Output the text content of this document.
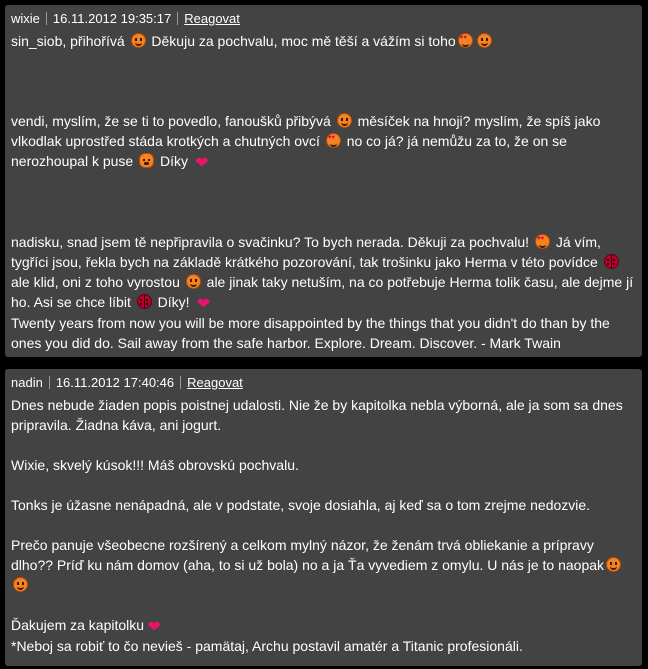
wixie 16.11.2012 19:35:17 Reagovat

sin_siob, přihořívá  Děkuju za pochvalu, moc mě těší a vážím si toho♥♥

vendi, myslím, že se ti to povedlo, fanoušků přibývá  měsíček na hnoji? myslím, že spíš jako vlkodlak uprostřed stáda krotkých a chutných ovcí ♥♥ no co já? já nemůžu za to, že on se nerozhoupal k puse  Díky ❤

nadisku, snad jsem tě nepřipravila o svačinku? To bych nerada. Děkuji za pochvalu! ♥♥ Já vím, tygříci jsou, řekla bych na základě krátkého pozorování, tak trošinku jako Herma v této povídce  ale klid, oni z toho vyrostou  ale jinak taky netuším, na co potřebuje Herma tolik času, ale dejme jí ho. Asi se chce líbit  Díky! ❤

Twenty years from now you will be more disappointed by the things that you didn't do than by the ones you did do. Sail away from the safe harbor. Explore. Dream. Discover. - Mark Twain

nadin 16.11.2012 17:40:46 Reagovat

Dnes nebude žiaden popis poistnej udalosti. Nie že by kapitolka nebla výborná, ale ja som sa dnes pripravila. Žiadna káva, ani jogurt.

Wixie, skvelý kúsok!!! Máš obrovskú pochvalu.

Tonks je úžasne nenápadná, ale v podstate, svoje dosiahla, aj keď sa o tom zrejme nedozvie.

Prečo panuje všeobecne rozšírený a celkom mylný názor, že ženám trvá obliekanie a prípravy dlho?? Príď ku nám domov (aha, to si už bola) no a ja Ťa vyvediem z omylu. U nás je to naopak

Ďakujem za kapitolku❤

*Neboj sa robiť to čo nevieš - pamätaj, Archu postavil amatér a Titanic profesionáli.
